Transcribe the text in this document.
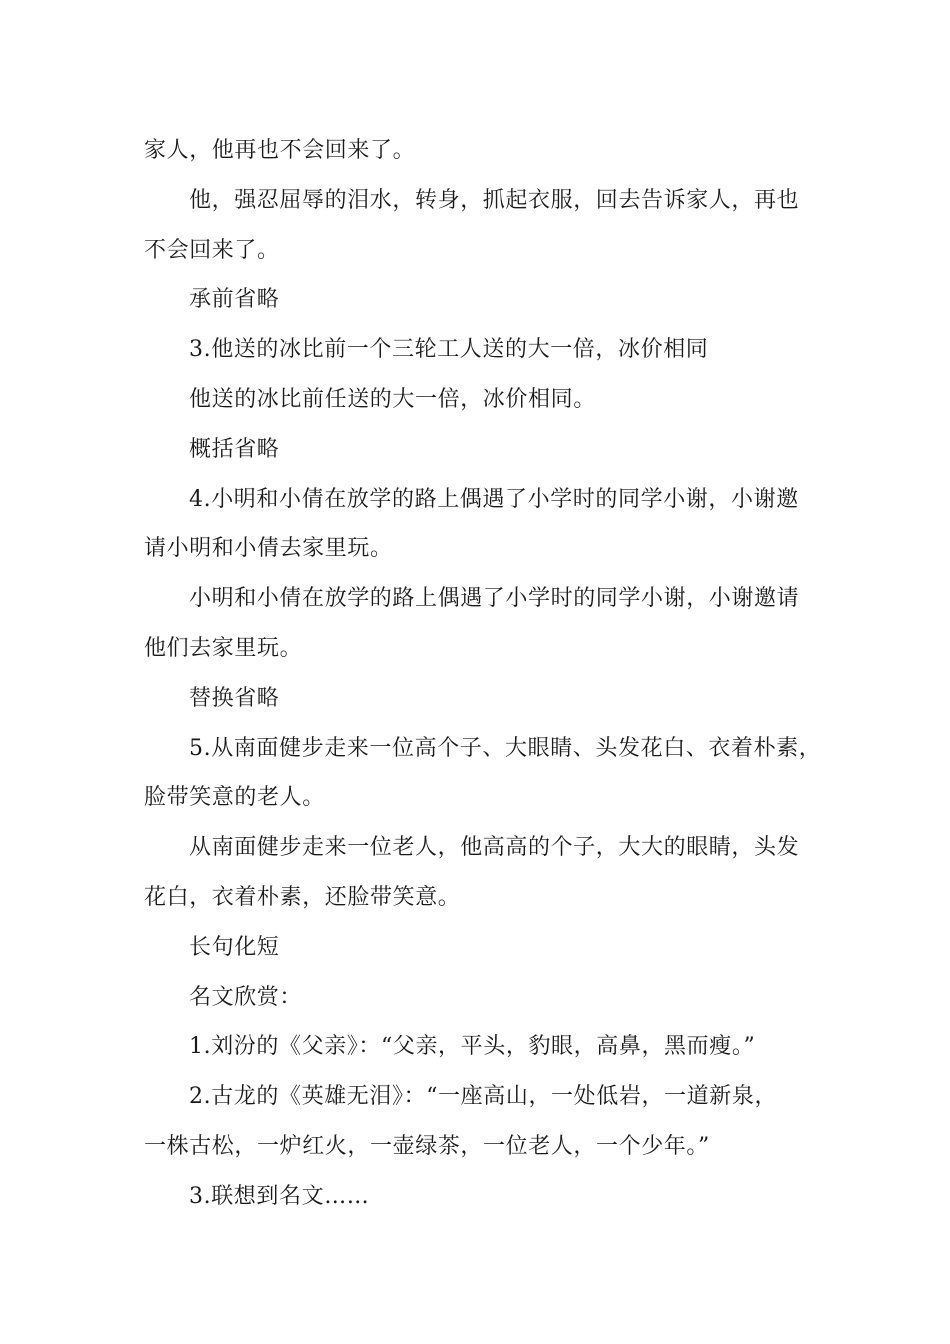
家人，他再也不会回来了。

他，强忍屈辱的泪水，转身，抓起衣服，回去告诉家人，再也

不会回来了。

承前省略

3.他送的冰比前一个三轮工人送的大一倍，冰价相同

他送的冰比前任送的大一倍，冰价相同。

概括省略

4.小明和小倩在放学的路上偶遇了小学时的同学小谢，小谢邀

请小明和小倩去家里玩。

小明和小倩在放学的路上偶遇了小学时的同学小谢，小谢邀请

他们去家里玩。

替换省略

5.从南面健步走来一位高个子、大眼睛、头发花白、衣着朴素，

脸带笑意的老人。

从南面健步走来一位老人，他高高的个子，大大的眼睛，头发

花白，衣着朴素，还脸带笑意。

长句化短

名文欣赏：

1.刘汾的《父亲》：“父亲，平头，豹眼，高鼻，黑而瘦。”

2.古龙的《英雄无泪》：“一座高山，一处低岩，一道新泉，

一株古松，一炉红火，一壶绿茶，一位老人，一个少年。”

3.联想到名文……
